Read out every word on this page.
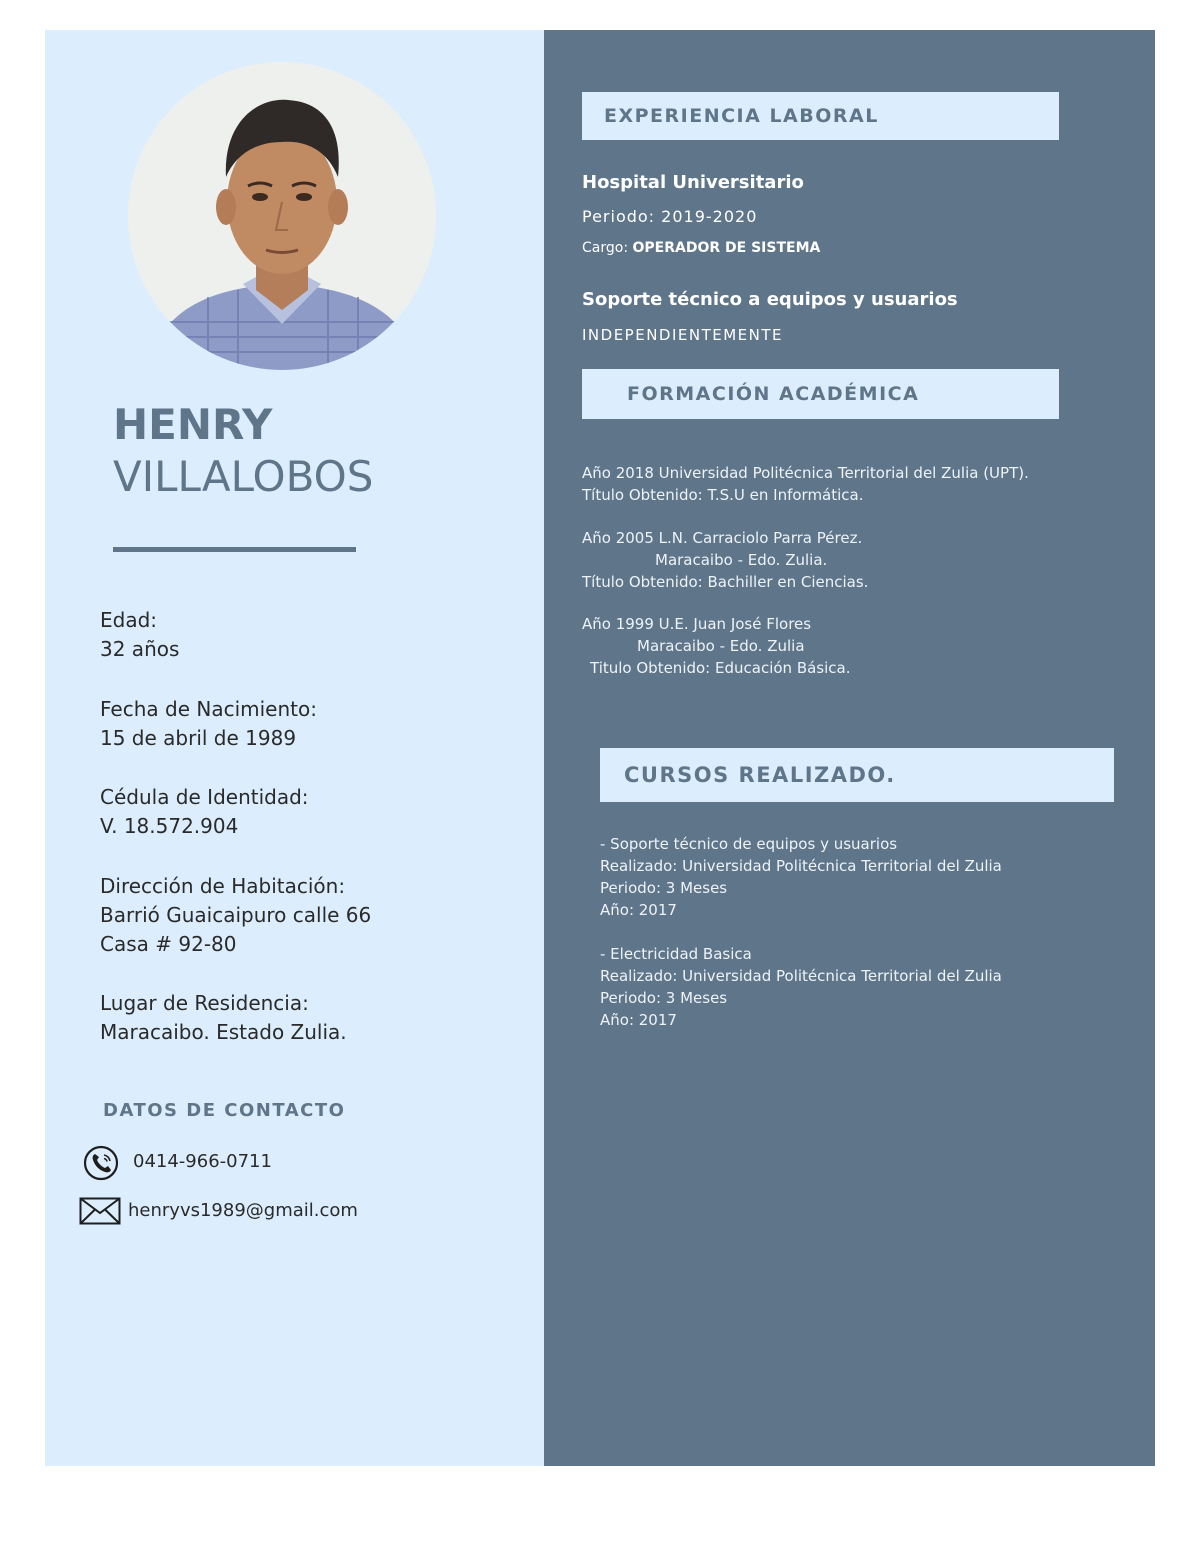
HENRY
VILLALOBOS
Edad:
32 años
Fecha de Nacimiento:
15 de abril de 1989
Cédula de Identidad:
V. 18.572.904
Dirección de Habitación:
Barrió Guaicaipuro calle 66
Casa # 92-80
Lugar de Residencia:
Maracaibo. Estado Zulia.
DATOS DE CONTACTO
0414-966-0711
henryvs1989@gmail.com
EXPERIENCIA LABORAL
Hospital Universitario
Periodo: 2019-2020
Cargo: OPERADOR DE SISTEMA
Soporte técnico a equipos y usuarios
INDEPENDIENTEMENTE
FORMACIÓN ACADÉMICA
Año 2018 Universidad Politécnica Territorial del Zulia (UPT).
Título Obtenido: T.S.U en Informática.
Año 2005 L.N. Carraciolo Parra Pérez.
Maracaibo - Edo. Zulia.
Título Obtenido: Bachiller en Ciencias.
Año 1999 U.E. Juan José Flores
Maracaibo - Edo. Zulia
Titulo Obtenido: Educación Básica.
CURSOS REALIZADO.
- Soporte técnico de equipos y usuarios
Realizado: Universidad Politécnica Territorial del Zulia
Periodo: 3 Meses
Año: 2017
- Electricidad Basica
Realizado: Universidad Politécnica Territorial del Zulia
Periodo: 3 Meses
Año: 2017
